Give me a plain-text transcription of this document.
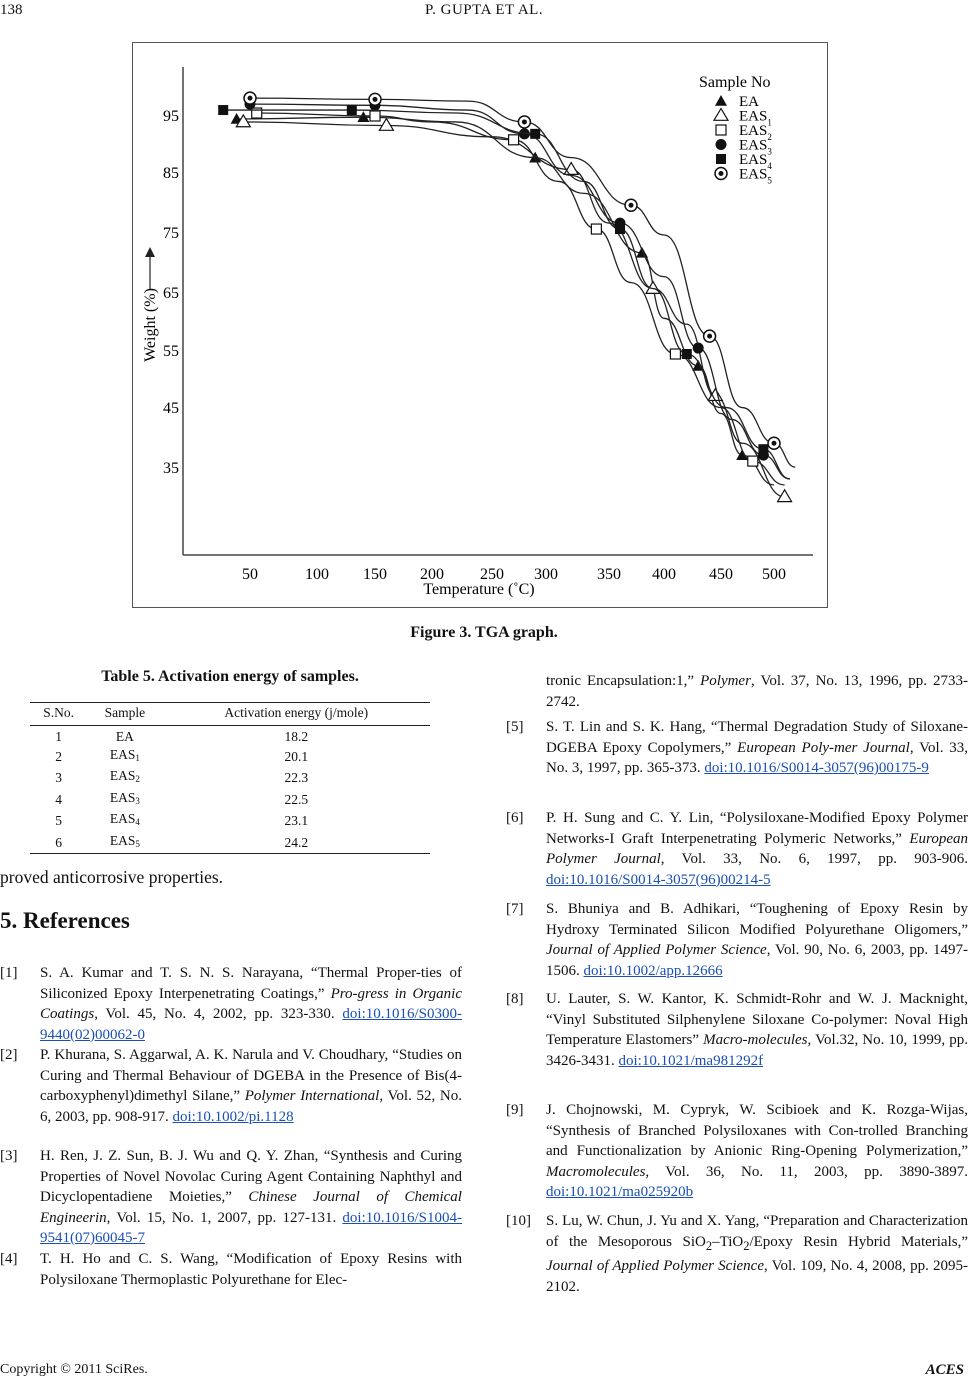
138	P. GUPTA ET AL.
50	100 150 200 250 300 350 400 450 500
95
85
75
65
55
45
35
Temperature (˚C)
Weight (%)
Sample No
EA
$EAS_1$
$EAS_2$
$EAS_3$
$EAS_4$
$EAS_5$
Figure 3. TGA graph.
Table 5. Activation energy of samples.
S.No.	Sample	Activation energy (j/mole)
1	EA	18.2
2	$EAS_1$	20.1
3	$EAS_2$	22.3
4	$EAS_3$	22.5
5	$EAS_4$	23.1
6	$EAS_5$	24.2
proved anticorrosive properties.
5. References
[1] S. A. Kumar and T. S. N. S. Narayana, “Thermal Proper-ties of Siliconized Epoxy Interpenetrating Coatings,” Pro-gress in Organic Coatings, Vol. 45, No. 4, 2002, pp. 323-330. doi:10.1016/S0300-9440(02)00062-0
[2] P. Khurana, S. Aggarwal, A. K. Narula and V. Choudhary, “Studies on Curing and Thermal Behaviour of DGEBA in the Presence of Bis(4-carboxyphenyl)dimethyl Silane,” Polymer International, Vol. 52, No. 6, 2003, pp. 908-917. doi:10.1002/pi.1128
[3] H. Ren, J. Z. Sun, B. J. Wu and Q. Y. Zhan, “Synthesis and Curing Properties of Novel Novolac Curing Agent Containing Naphthyl and Dicyclopentadiene Moieties,” Chinese Journal of Chemical Engineerin, Vol. 15, No. 1, 2007, pp. 127-131. doi:10.1016/S1004-9541(07)60045-7
[4] T. H. Ho and C. S. Wang, “Modification of Epoxy Resins with Polysiloxane Thermoplastic Polyurethane for Elec-
tronic Encapsulation:1,” Polymer, Vol. 37, No. 13, 1996, pp. 2733-2742.
[5] S. T. Lin and S. K. Hang, “Thermal Degradation Study of Siloxane-DGEBA Epoxy Copolymers,” European Poly-mer Journal, Vol. 33, No. 3, 1997, pp. 365-373. doi:10.1016/S0014-3057(96)00175-9
[6] P. H. Sung and C. Y. Lin, “Polysiloxane-Modified Epoxy Polymer Networks-I Graft Interpenetrating Polymeric Networks,” European Polymer Journal, Vol. 33, No. 6, 1997, pp. 903-906. doi:10.1016/S0014-3057(96)00214-5
[7] S. Bhuniya and B. Adhikari, “Toughening of Epoxy Resin by Hydroxy Terminated Silicon Modified Polyurethane Oligomers,” Journal of Applied Polymer Science, Vol. 90, No. 6, 2003, pp. 1497-1506. doi:10.1002/app.12666
[8] U. Lauter, S. W. Kantor, K. Schmidt-Rohr and W. J. Macknight, “Vinyl Substituted Silphenylene Siloxane Co-polymer: Noval High Temperature Elastomers” Macro-molecules, Vol.32, No. 10, 1999, pp. 3426-3431. doi:10.1021/ma981292f
[9] J. Chojnowski, M. Cypryk, W. Scibioek and K. Rozga-Wijas, “Synthesis of Branched Polysiloxanes with Con-trolled Branching and Functionalization by Anionic Ring-Opening Polymerization,” Macromolecules, Vol. 36, No. 11, 2003, pp. 3890-3897. doi:10.1021/ma025920b
[10] S. Lu, W. Chun, J. Yu and X. Yang, “Preparation and Characterization of the Mesoporous SiO$_2$–TiO$_2$/Epoxy Resin Hybrid Materials,” Journal of Applied Polymer Science, Vol. 109, No. 4, 2008, pp. 2095-2102.
Copyright © 2011 SciRes.	ACES
